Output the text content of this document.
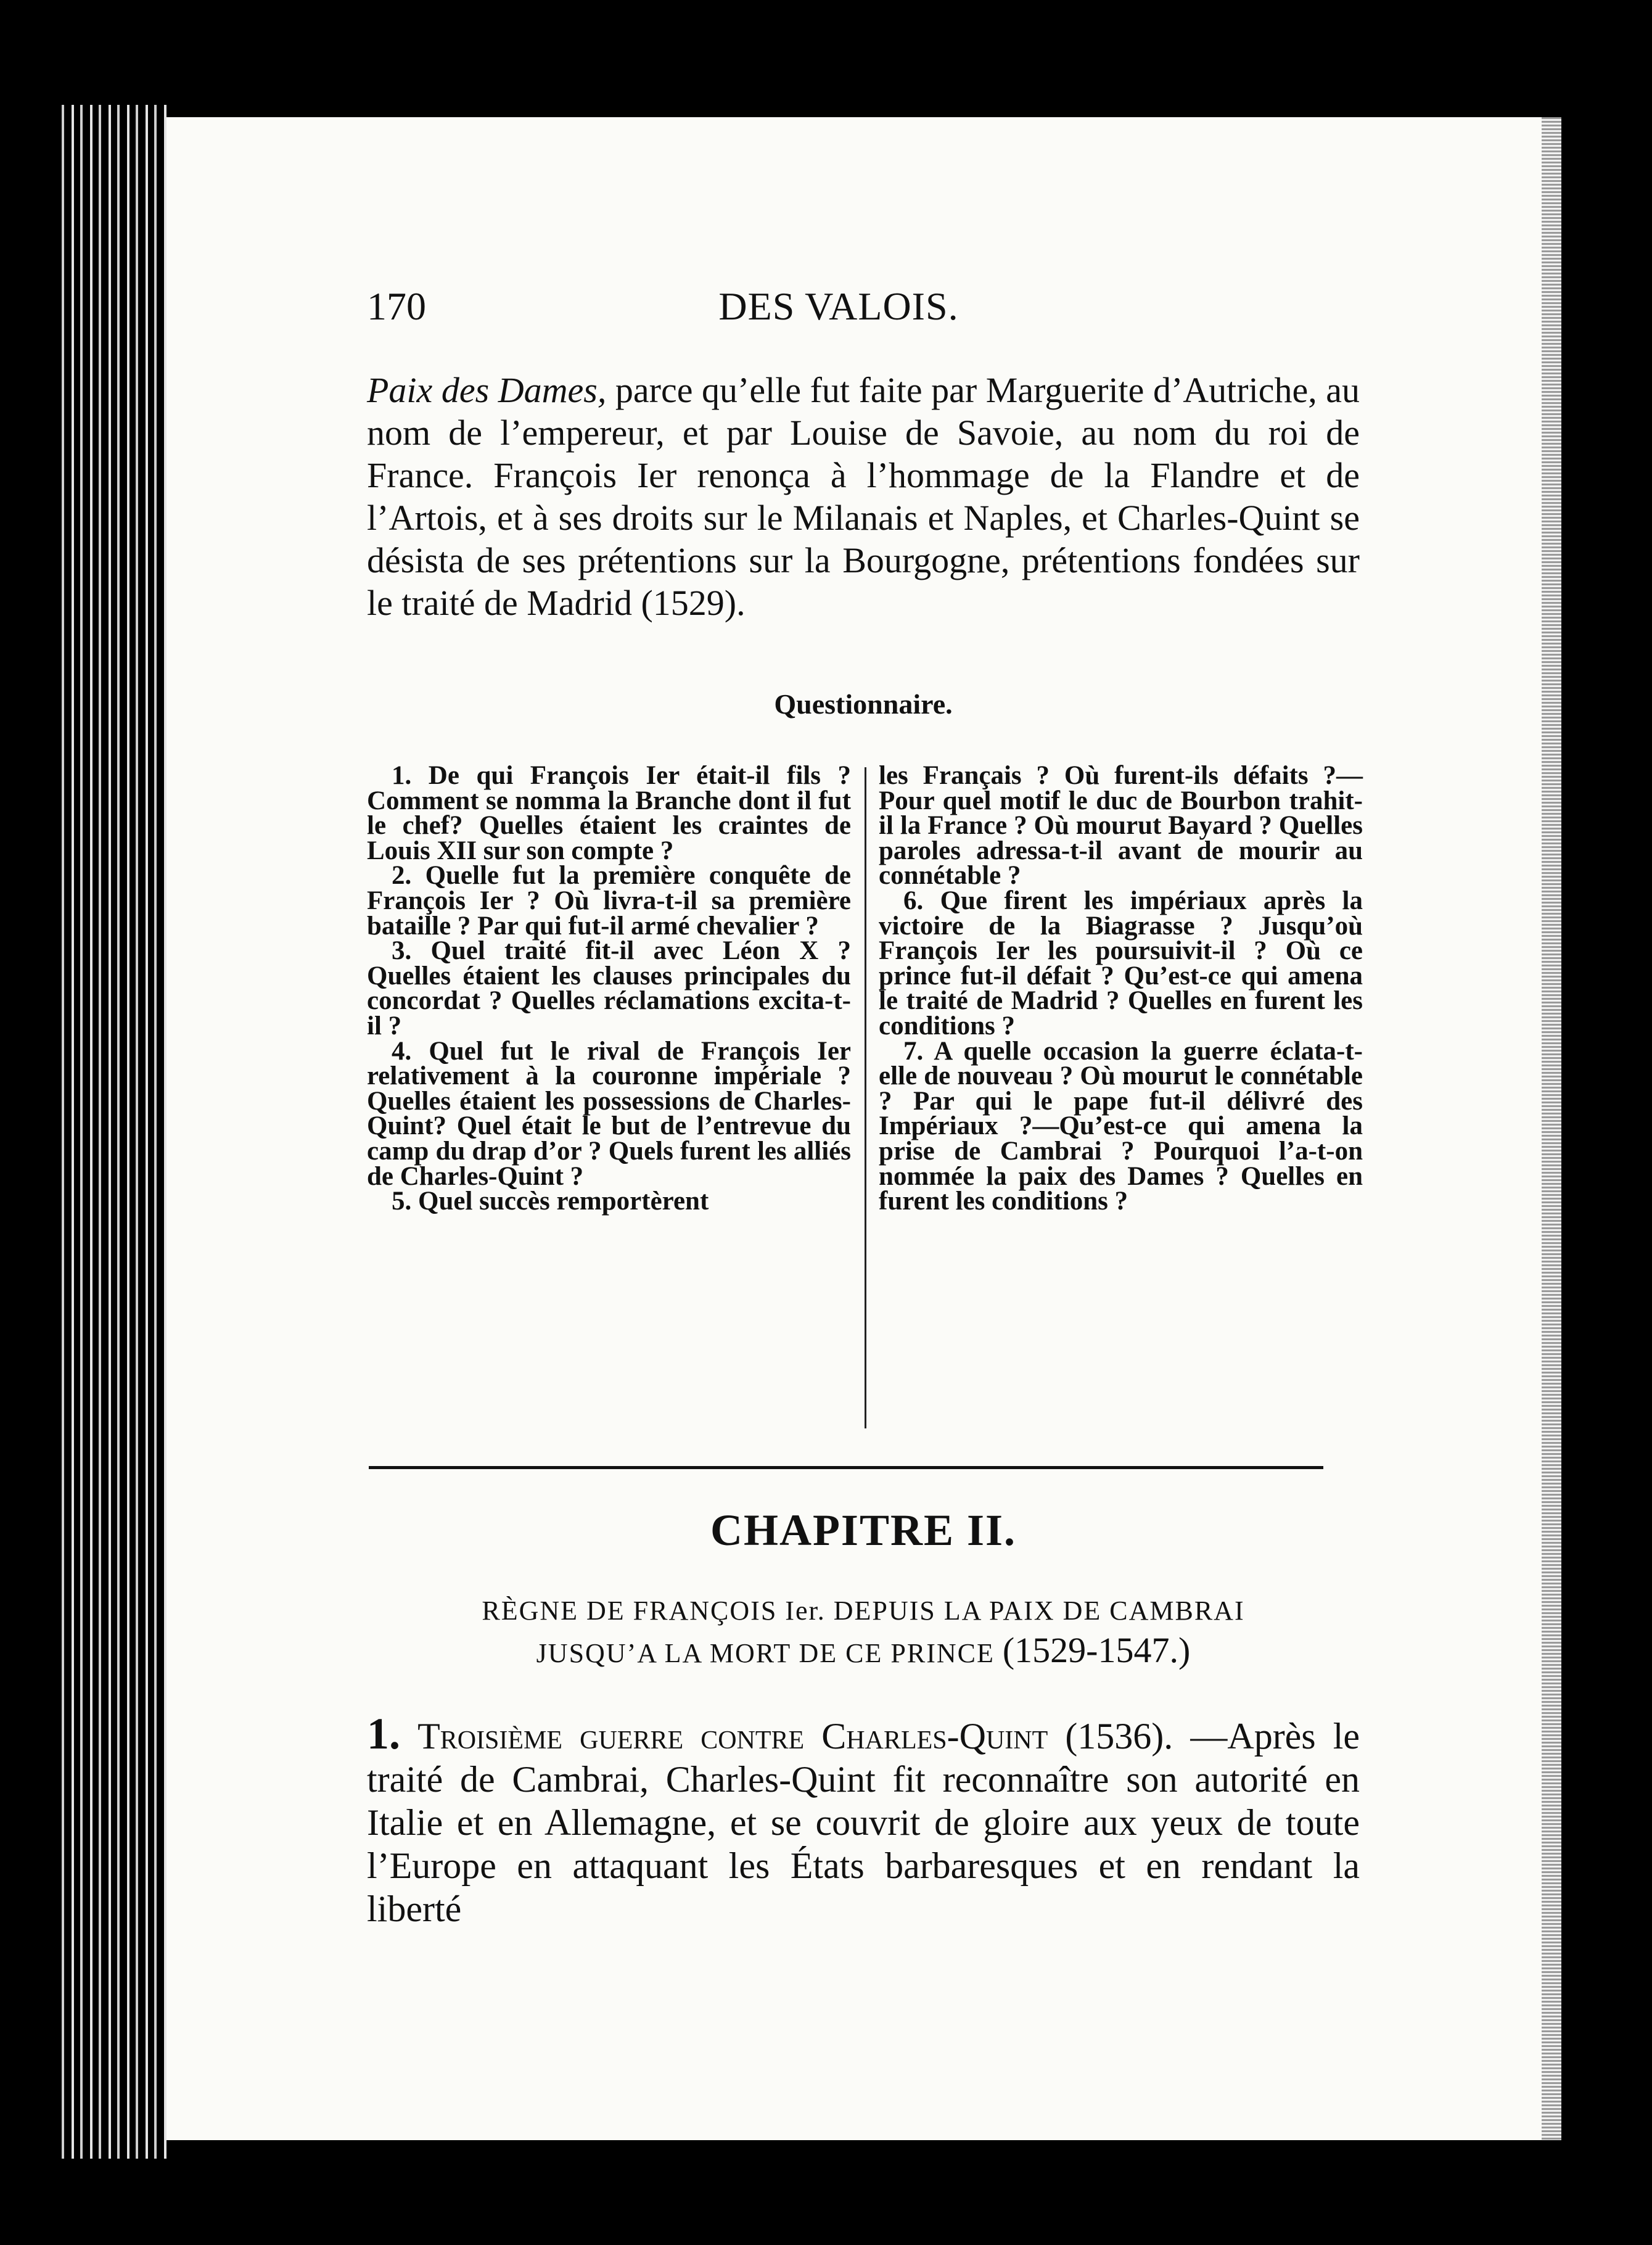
170	DES VALOIS.

Paix des Dames, parce qu’elle fut faite par Marguerite d’Autriche, au nom de l’empereur, et par Louise de Savoie, au nom du roi de France. François Ier renonça à l’hommage de la Flandre et de l’Artois, et à ses droits sur le Milanais et Naples, et Charles-Quint se désista de ses prétentions sur la Bourgogne, prétentions fondées sur le traité de Madrid (1529).

Questionnaire.

1. De qui François Ier était-il fils ? Comment se nomma la Branche dont il fut le chef? Quelles étaient les craintes de Louis XII sur son compte ?

2. Quelle fut la première conquête de François Ier ? Où livra-t-il sa première bataille ? Par qui fut-il armé chevalier ?

3. Quel traité fit-il avec Léon X ? Quelles étaient les clauses principales du concordat ? Quelles réclamations excita-t-il ?

4. Quel fut le rival de François Ier relativement à la couronne impériale ? Quelles étaient les possessions de Charles-Quint? Quel était le but de l’entrevue du camp du drap d’or ? Quels furent les alliés de Charles-Quint ?

5. Quel succès remportèrent

les Français ? Où furent-ils défaits ?—Pour quel motif le duc de Bourbon trahit-il la France ? Où mourut Bayard ? Quelles paroles adressa-t-il avant de mourir au connétable ?

6. Que firent les impériaux après la victoire de la Biagrasse ? Jusqu’où François Ier les poursuivit-il ? Où ce prince fut-il défait ? Qu’est-ce qui amena le traité de Madrid ? Quelles en furent les conditions ?

7. A quelle occasion la guerre éclata-t-elle de nouveau ? Où mourut le connétable ? Par qui le pape fut-il délivré des Impériaux ?—Qu’est-ce qui amena la prise de Cambrai ? Pourquoi l’a-t-on nommée la paix des Dames ? Quelles en furent les conditions ?

CHAPITRE II.
RÈGNE DE FRANÇOIS Ier. DEPUIS LA PAIX DE CAMBRAI
JUSQU’A LA MORT DE CE PRINCE (1529-1547.)

1. Troisième guerre contre Charles-Quint (1536). —Après le traité de Cambrai, Charles-Quint fit reconnaître son autorité en Italie et en Allemagne, et se couvrit de gloire aux yeux de toute l’Europe en attaquant les États barbaresques et en rendant la liberté
